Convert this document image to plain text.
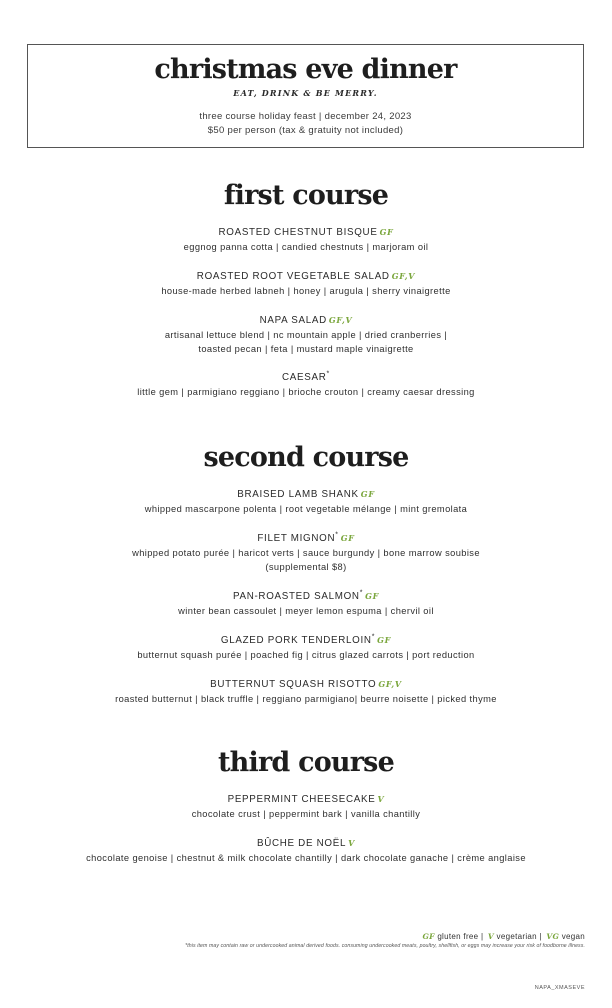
christmas eve dinner
EAT, DRINK & BE MERRY.
three course holiday feast | december 24, 2023
$50 per person (tax & gratuity not included)
first course
ROASTED CHESTNUT BISQUE GF
eggnog panna cotta | candied chestnuts | marjoram oil
ROASTED ROOT VEGETABLE SALAD GF,V
house-made herbed labneh | honey | arugula | sherry vinaigrette
NAPA SALAD GF,V
artisanal lettuce blend | nc mountain apple | dried cranberries |
toasted pecan | feta | mustard maple vinaigrette
CAESAR*
little gem | parmigiano reggiano | brioche crouton | creamy caesar dressing
second course
BRAISED LAMB SHANK GF
whipped mascarpone polenta | root vegetable mélange | mint gremolata
FILET MIGNON* GF
whipped potato purée | haricot verts | sauce burgundy | bone marrow soubise
(supplemental $8)
PAN-ROASTED SALMON* GF
winter bean cassoulet | meyer lemon espuma | chervil oil
GLAZED PORK TENDERLOIN* GF
butternut squash purée | poached fig | citrus glazed carrots | port reduction
BUTTERNUT SQUASH RISOTTO GF,V
roasted butternut | black truffle | reggiano parmigiano| beurre noisette | picked thyme
third course
PEPPERMINT CHEESECAKE V
chocolate crust | peppermint bark | vanilla chantilly
BÛCHE DE NOËL V
chocolate genoise | chestnut & milk chocolate chantilly | dark chocolate ganache | crème anglaise
GF gluten free | V vegetarian | VG vegan
*this item may contain raw or undercooked animal derived foods. consuming undercooked meats, poultry, shellfish, or eggs may increase your risk of foodborne illness.
NAPA_XMASEVE
